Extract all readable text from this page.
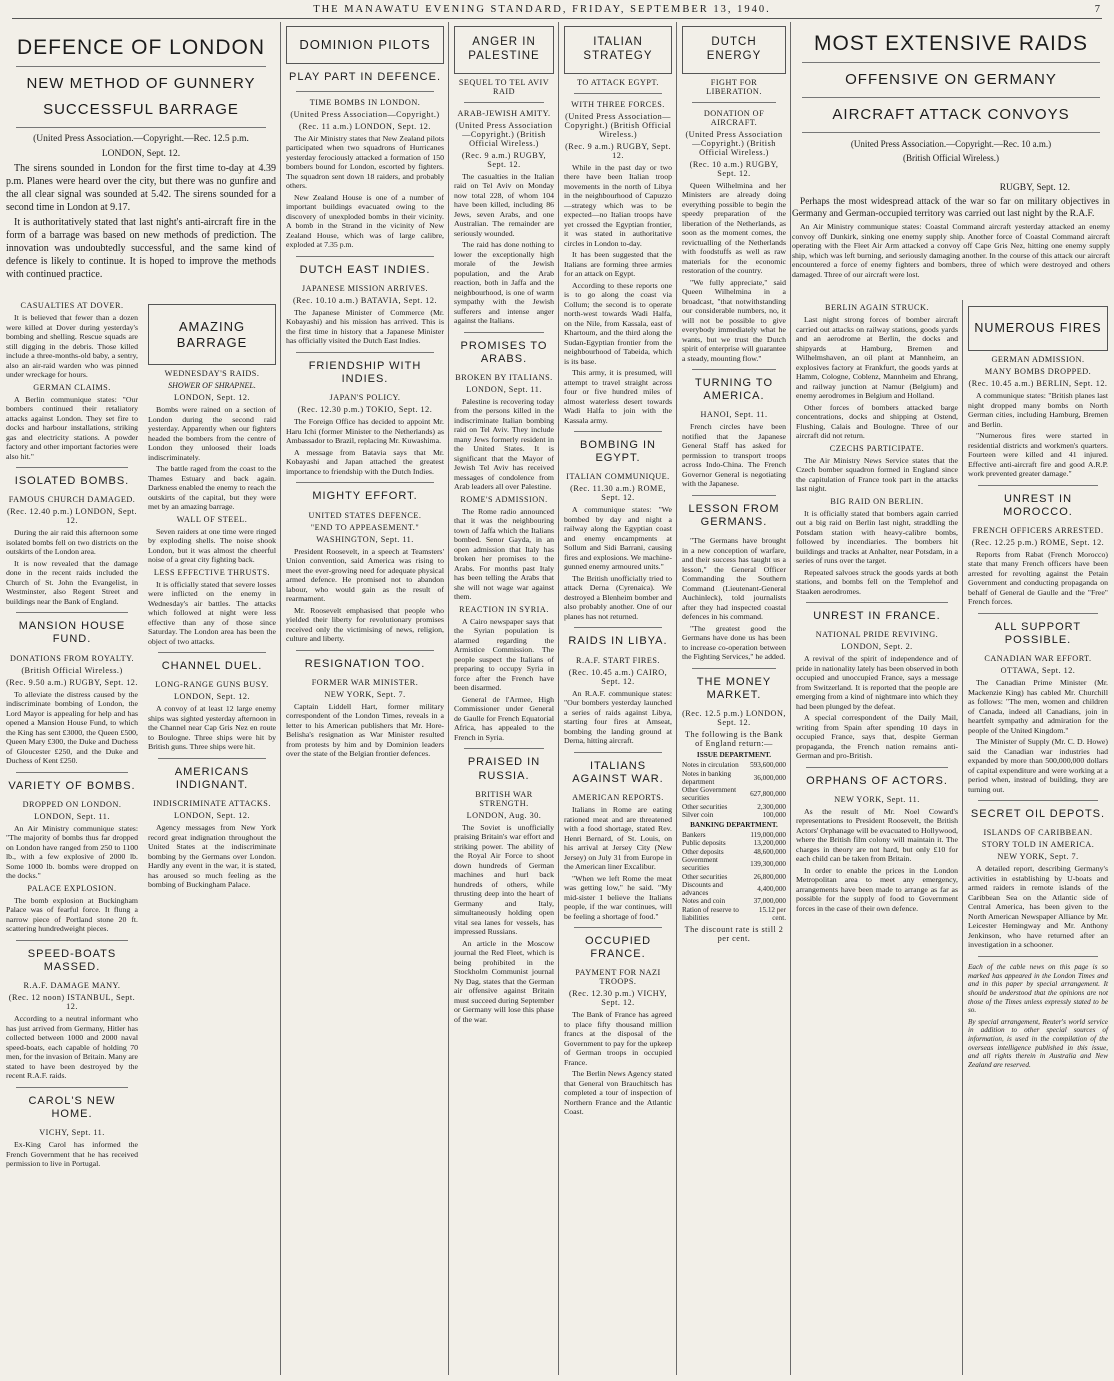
THE MANAWATU EVENING STANDARD, FRIDAY, SEPTEMBER 13, 1940.	7
DEFENCE OF LONDON
NEW METHOD OF GUNNERY
SUCCESSFUL BARRAGE
(United Press Association.—Copyright.—Rec. 12.5 p.m.
LONDON, Sept. 12.

The sirens sounded in London for the first time to-day at 4.39 p.m. Planes were heard over the city, but there was no gunfire and the all clear signal was sounded at 5.42. The sirens sounded for a second time in London at 9.17.

It is authoritatively stated that last night's anti-aircraft fire in the form of a barrage was based on new methods of prediction. The innovation was undoubtedly successful, and the same kind of defence is likely to continue. It is hoped to improve the methods with continued practice.

CASUALTIES AT DOVER.

It is believed that fewer than a dozen were killed at Dover during yesterday's bombing and shelling. Rescue squads are still digging in the debris. Those killed include a three-months-old baby, a sentry, also an air-raid warden who was pinned under wreckage for hours.

GERMAN CLAIMS.

A Berlin communique states: "Our bombers continued their retaliatory attacks against London. They set fire to docks and harbour installations, striking gas and electricity stations. A powder factory and other important factories were also hit."

ISOLATED BOMBS.
FAMOUS CHURCH DAMAGED.
(Rec. 12.40 p.m.) LONDON, Sept. 12.

During the air raid this afternoon some isolated bombs fell on two districts on the outskirts of the London area.

It is now revealed that the damage done in the recent raids included the Church of St. John the Evangelist, in Westminster, also Regent Street and buildings near the Bank of England.

MANSION HOUSE FUND.
DONATIONS FROM ROYALTY.
(British Official Wireless.)
(Rec. 9.50 a.m.) RUGBY, Sept. 12.

To alleviate the distress caused by the indiscriminate bombing of London, the Lord Mayor is appealing for help and has opened a Mansion House Fund, to which the King has sent £3000, the Queen £500, Queen Mary £300, the Duke and Duchess of Gloucester £250, and the Duke and Duchess of Kent £250.

VARIETY OF BOMBS.
DROPPED ON LONDON.
LONDON, Sept. 11.

An Air Ministry communique states: "The majority of bombs thus far dropped on London have ranged from 250 to 1100 lb., with a few explosive of 2000 lb. Some 1000 lb. bombs were dropped on the docks."

PALACE EXPLOSION.

The bomb explosion at Buckingham Palace was of fearful force. It flung a narrow piece of Portland stone 20 ft. scattering hundredweight pieces.

SPEED-BOATS MASSED.
R.A.F. DAMAGE MANY.
(Rec. 12 noon) ISTANBUL, Sept. 12.

According to a neutral informant who has just arrived from Germany, Hitler has collected between 1000 and 2000 naval speed-boats, each capable of holding 70 men, for the invasion of Britain. Many are stated to have been destroyed by the recent R.A.F. raids.

CAROL'S NEW HOME.
VICHY, Sept. 11.

Ex-King Carol has informed the French Government that he has received permission to live in Portugal.

AMAZING BARRAGE
WEDNESDAY'S RAIDS.
SHOWER OF SHRAPNEL.
LONDON, Sept. 12.

Bombs were rained on a section of London during the second raid yesterday. Apparently when our fighters headed the bombers from the centre of London they unloosed their loads indiscriminately.

The battle raged from the coast to the Thames Estuary and back again. Darkness enabled the enemy to reach the outskirts of the capital, but they were met by an amazing barrage.

WALL OF STEEL.

Seven raiders at one time were ringed by exploding shells. The noise shook London, but it was almost the cheerful noise of a great city fighting back.

LESS EFFECTIVE THRUSTS.

It is officially stated that severe losses were inflicted on the enemy in Wednesday's air battles. The attacks which followed at night were less effective than any of those since Saturday. The London area has been the object of two attacks.

CHANNEL DUEL.
LONG-RANGE GUNS BUSY.
LONDON, Sept. 12.

A convoy of at least 12 large enemy ships was sighted yesterday afternoon in the Channel near Cap Gris Nez en route to Boulogne. Three ships were hit by British guns. Three ships were hit.

AMERICANS INDIGNANT.
INDISCRIMINATE ATTACKS.
LONDON, Sept. 12.

Agency messages from New York record great indignation throughout the United States at the indiscriminate bombing by the Germans over London. Hardly any event in the war, it is stated, has aroused so much feeling as the bombing of Buckingham Palace.

DOMINION PILOTS
PLAY PART IN DEFENCE.
TIME BOMBS IN LONDON.
(United Press Association—Copyright.)
(Rec. 11 a.m.) LONDON, Sept. 12.

The Air Ministry states that New Zealand pilots participated when two squadrons of Hurricanes yesterday ferociously attacked a formation of 150 bombers bound for London, escorted by fighters. The squadron sent down 18 raiders, and probably others.

New Zealand House is one of a number of important buildings evacuated owing to the discovery of unexploded bombs in their vicinity. A bomb in the Strand in the vicinity of New Zealand House, which was of large calibre, exploded at 7.35 p.m.

DUTCH EAST INDIES.
JAPANESE MISSION ARRIVES.
(Rec. 10.10 a.m.) BATAVIA, Sept. 12.

The Japanese Minister of Commerce (Mr. Kobayashi) and his mission has arrived. This is the first time in history that a Japanese Minister has officially visited the Dutch East Indies.

FRIENDSHIP WITH INDIES.
JAPAN'S POLICY.
(Rec. 12.30 p.m.) TOKIO, Sept. 12.

The Foreign Office has decided to appoint Mr. Haru Ichi (former Minister to the Netherlands) as Ambassador to Brazil, replacing Mr. Kuwashima.

A message from Batavia says that Mr. Kobayashi and Japan attached the greatest importance to friendship with the Dutch Indies.

MIGHTY EFFORT.
UNITED STATES DEFENCE.
"END TO APPEASEMENT."
WASHINGTON, Sept. 11.

President Roosevelt, in a speech at Teamsters' Union convention, said America was rising to meet the ever-growing need for adequate physical armed defence. He promised not to abandon labour, who would gain as the result of rearmament.

Mr. Roosevelt emphasised that people who yielded their liberty for revolutionary promises received only the victimising of news, religion, culture and liberty.

RESIGNATION TOO.
FORMER WAR MINISTER.
NEW YORK, Sept. 7.

Captain Liddell Hart, former military correspondent of the London Times, reveals in a letter to his American publishers that Mr. Hore-Belisha's resignation as War Minister resulted from protests by him and by Dominion leaders over the state of the Belgian frontier defences.

ANGER IN PALESTINE
SEQUEL TO TEL AVIV RAID
ARAB-JEWISH AMITY.
(United Press Association—Copyright.) (British Official Wireless.)
(Rec. 9 a.m.) RUGBY, Sept. 12.

The casualties in the Italian raid on Tel Aviv on Monday now total 228, of whom 104 have been killed, including 86 Jews, seven Arabs, and one Australian. The remainder are seriously wounded.

The raid has done nothing to lower the exceptionally high morale of the Jewish population, and the Arab reaction, both in Jaffa and the neighbourhood, is one of warm sympathy with the Jewish sufferers and intense anger against the Italians.

PROMISES TO ARABS.
BROKEN BY ITALIANS.
LONDON, Sept. 11.

Palestine is recovering today from the persons killed in the indiscriminate Italian bombing raid on Tel Aviv. They include many Jews formerly resident in the United States. It is significant that the Mayor of Jewish Tel Aviv has received messages of condolence from Arab leaders all over Palestine.

ROME'S ADMISSION.

The Rome radio announced that it was the neighbouring town of Jaffa which the Italians bombed. Senor Gayda, in an open admission that Italy has broken her promises to the Arabs. For months past Italy has been telling the Arabs that she will not wage war against them.

REACTION IN SYRIA.

A Cairo newspaper says that the Syrian population is alarmed regarding the Armistice Commission. The people suspect the Italians of preparing to occupy Syria in force after the French have been disarmed.

General de l'Armee, High Commissioner under General de Gaulle for French Equatorial Africa, has appealed to the French in Syria.

PRAISED IN RUSSIA.
BRITISH WAR STRENGTH.
LONDON, Aug. 30.

The Soviet is unofficially praising Britain's war effort and striking power. The ability of the Royal Air Force to shoot down hundreds of German machines and hurl back hundreds of others, while thrusting deep into the heart of Germany and Italy, simultaneously holding open vital sea lanes for vessels, has impressed Russians.

An article in the Moscow journal the Red Fleet, which is being prohibited in the Stockholm Communist journal Ny Dag, states that the German air offensive against Britain must succeed during September or Germany will lose this phase of the war.

ITALIAN STRATEGY
TO ATTACK EGYPT.
WITH THREE FORCES.
(United Press Association—Copyright.) (British Official Wireless.)
(Rec. 9 a.m.) RUGBY, Sept. 12.

While in the past day or two there have been Italian troop movements in the north of Libya in the neighbourhood of Capuzzo —strategy which was to be expected—no Italian troops have yet crossed the Egyptian frontier, it was stated in authoritative circles in London to-day.

It has been suggested that the Italians are forming three armies for an attack on Egypt.

According to these reports one is to go along the coast via Collum; the second is to operate north-west towards Wadi Halfa, on the Nile, from Kassala, east of Khartoum, and the third along the Sudan-Egyptian frontier from the neighbourhood of Tabeida, which is its base.

This army, it is presumed, will attempt to travel straight across four or five hundred miles of almost waterless desert towards Wadi Halfa to join with the Kassala army.

BOMBING IN EGYPT.
ITALIAN COMMUNIQUE.
(Rec. 11.30 a.m.) ROME, Sept. 12.

A communique states: "We bombed by day and night a railway along the Egyptian coast and enemy encampments at Sollum and Sidi Barrani, causing fires and explosions. We machine-gunned enemy armoured units."

The British unofficially tried to attack Derna (Cyrenaica). We destroyed a Blenheim bomber and also probably another. One of our planes has not returned.

RAIDS IN LIBYA.
R.A.F. START FIRES.
(Rec. 10.45 a.m.) CAIRO, Sept. 12.

An R.A.F. communique states: "Our bombers yesterday launched a series of raids against Libya, starting four fires at Amseat, bombing the landing ground at Derna, hitting aircraft.

ITALIANS AGAINST WAR.
AMERICAN REPORTS.

Italians in Rome are eating rationed meat and are threatened with a food shortage, stated Rev. Henri Bernard, of St. Louis, on his arrival at Jersey City (New Jersey) on July 31 from Europe in the American liner Excalibur.

"When we left Rome the meat was getting low," he said. "My mid-sister I believe the Italians people, if the war continues, will be feeling a shortage of food."

OCCUPIED FRANCE.
PAYMENT FOR NAZI TROOPS.
(Rec. 12.30 p.m.) VICHY, Sept. 12.

The Bank of France has agreed to place fifty thousand million francs at the disposal of the Government to pay for the upkeep of German troops in occupied France.

The Berlin News Agency stated that General von Brauchitsch has completed a tour of inspection of Northern France and the Atlantic Coast.

DUTCH ENERGY
FIGHT FOR LIBERATION.
DONATION OF AIRCRAFT.
(United Press Association—Copyright.) (British Official Wireless.)
(Rec. 10 a.m.) RUGBY, Sept. 12.

Queen Wilhelmina and her Ministers are already doing everything possible to begin the speedy preparation of the liberation of the Netherlands, as soon as the moment comes, the revictualling of the Netherlands with foodstuffs as well as raw materials for the economic restoration of the country.

"We fully appreciate," said Queen Wilhelmina in a broadcast, "that notwithstanding our considerable numbers, no, it will not be possible to give everybody immediately what he wants, but we trust the Dutch spirit of enterprise will guarantee a steady, mounting flow."

TURNING TO AMERICA.
HANOI, Sept. 11.

French circles have been notified that the Japanese General Staff has asked for permission to transport troops across Indo-China. The French Governor General is negotiating with the Japanese.

LESSON FROM GERMANS.

"The Germans have brought in a new conception of warfare, and their success has taught us a lesson," the General Officer Commanding the Southern Command (Lieutenant-General Auchinleck), told journalists after they had inspected coastal defences in his command.

"The greatest good the Germans have done us has been to increase co-operation between the Fighting Services," he added.

THE MONEY MARKET.
(Rec. 12.5 p.m.) LONDON, Sept. 12.
The following is the Bank of England return:—
ISSUE DEPARTMENT.
Notes in circulation	593,600,000
Notes in banking department	36,000,000
Other Government securities	627,800,000
Other securities	2,300,000
Silver coin	100,000
BANKING DEPARTMENT.
Bankers	119,000,000
Public deposits	13,200,000
Other deposits	48,600,000
Government securities	139,300,000
Other securities	26,800,000
Discounts and advances	4,400,000
Notes and coin	37,000,000
Ration of reserve to liabilities	15.12 per cent.
The discount rate is still 2 per cent.
MOST EXTENSIVE RAIDS
OFFENSIVE ON GERMANY
AIRCRAFT ATTACK CONVOYS
(United Press Association.—Copyright.—Rec. 10 a.m.)
(British Official Wireless.)
RUGBY, Sept. 12.

Perhaps the most widespread attack of the war so far on military objectives in Germany and German-occupied territory was carried out last night by the R.A.F.

An Air Ministry communique states: Coastal Command aircraft yesterday attacked an enemy convoy off Dunkirk, sinking one enemy supply ship. Another force of Coastal Command aircraft operating with the Fleet Air Arm attacked a convoy off Cape Gris Nez, hitting one enemy supply ship, which was left burning, and seriously damaging another. In the course of this attack our aircraft encountered a force of enemy fighters and bombers, three of which were destroyed and others damaged. Three of our aircraft were lost.

BERLIN AGAIN STRUCK.

Last night strong forces of bomber aircraft carried out attacks on railway stations, goods yards and an aerodrome at Berlin, the docks and shipyards at Hamburg, Bremen and Wilhelmshaven, an oil plant at Mannheim, an explosives factory at Frankfurt, the goods yards at Hamm, Cologne, Coblenz, Mannheim and Ehrang, and railway junction at Namur (Belgium) and enemy aerodromes in Belgium and Holland.

Other forces of bombers attacked barge concentrations, docks and shipping at Ostend, Flushing, Calais and Boulogne. Three of our aircraft did not return.

CZECHS PARTICIPATE.

The Air Ministry News Service states that the Czech bomber squadron formed in England since the capitulation of France took part in the attacks last night.

BIG RAID ON BERLIN.

It is officially stated that bombers again carried out a big raid on Berlin last night, straddling the Potsdam station with heavy-calibre bombs, followed by incendiaries. The bombers hit buildings and tracks at Anhalter, near Potsdam, in a series of runs over the target.

Repeated salvoes struck the goods yards at both stations, and bombs fell on the Templehof and Staaken aerodromes.

UNREST IN FRANCE.
NATIONAL PRIDE REVIVING.
LONDON, Sept. 2.

A revival of the spirit of independence and of pride in nationality lately has been observed in both occupied and unoccupied France, says a message from Switzerland. It is reported that the people are emerging from a kind of nightmare into which they had been plunged by the defeat.

A special correspondent of the Daily Mail, writing from Spain after spending 10 days in occupied France, says that, despite German propaganda, the French nation remains anti-German and pro-British.

ORPHANS OF ACTORS.
NEW YORK, Sept. 11.

As the result of Mr. Noel Coward's representations to President Roosevelt, the British Actors' Orphanage will be evacuated to Hollywood, where the British film colony will maintain it. The charges in theory are not hard, but only £10 for each child can be taken from Britain.

In order to enable the prices in the London Metropolitan area to meet any emergency, arrangements have been made to arrange as far as possible for the supply of food to Government forces in the case of their own defence.

NUMEROUS FIRES
GERMAN ADMISSION.
MANY BOMBS DROPPED.
(Rec. 10.45 a.m.) BERLIN, Sept. 12.

A communique states: "British planes last night dropped many bombs on North German cities, including Hamburg, Bremen and Berlin.

"Numerous fires were started in residential districts and workmen's quarters. Fourteen were killed and 41 injured. Effective anti-aircraft fire and good A.R.P. work prevented greater damage."

UNREST IN MOROCCO.
FRENCH OFFICERS ARRESTED.
(Rec. 12.25 p.m.) ROME, Sept. 12.

Reports from Rabat (French Morocco) state that many French officers have been arrested for revolting against the Petain Government and conducting propaganda on behalf of General de Gaulle and the "Free" French forces.

ALL SUPPORT POSSIBLE.
CANADIAN WAR EFFORT.
OTTAWA, Sept. 12.

The Canadian Prime Minister (Mr. Mackenzie King) has cabled Mr. Churchill as follows: "The men, women and children of Canada, indeed all Canadians, join in heartfelt sympathy and admiration for the people of the United Kingdom."

The Minister of Supply (Mr. C. D. Howe) said the Canadian war industries had expanded by more than 500,000,000 dollars of capital expenditure and were working at a period when, instead of building, they are turning out.

SECRET OIL DEPOTS.
ISLANDS OF CARIBBEAN.
STORY TOLD IN AMERICA.
NEW YORK, Sept. 7.

A detailed report, describing Germany's activities in establishing by U-boats and armed raiders in remote islands of the Caribbean Sea on the Atlantic side of Central America, has been given to the North American Newspaper Alliance by Mr. Leicester Hemingway and Mr. Anthony Jenkinson, who have returned after an investigation in a schooner.

Each of the cable news on this page is so marked has appeared in the London Times and and in this paper by special arrangement. It should be understood that the opinions are not those of the Times unless expressly stated to be so.
By special arrangement, Reuter's world service in addition to other special sources of information, is used in the compilation of the overseas intelligence published in this issue, and all rights therein in Australia and New Zealand are reserved.
